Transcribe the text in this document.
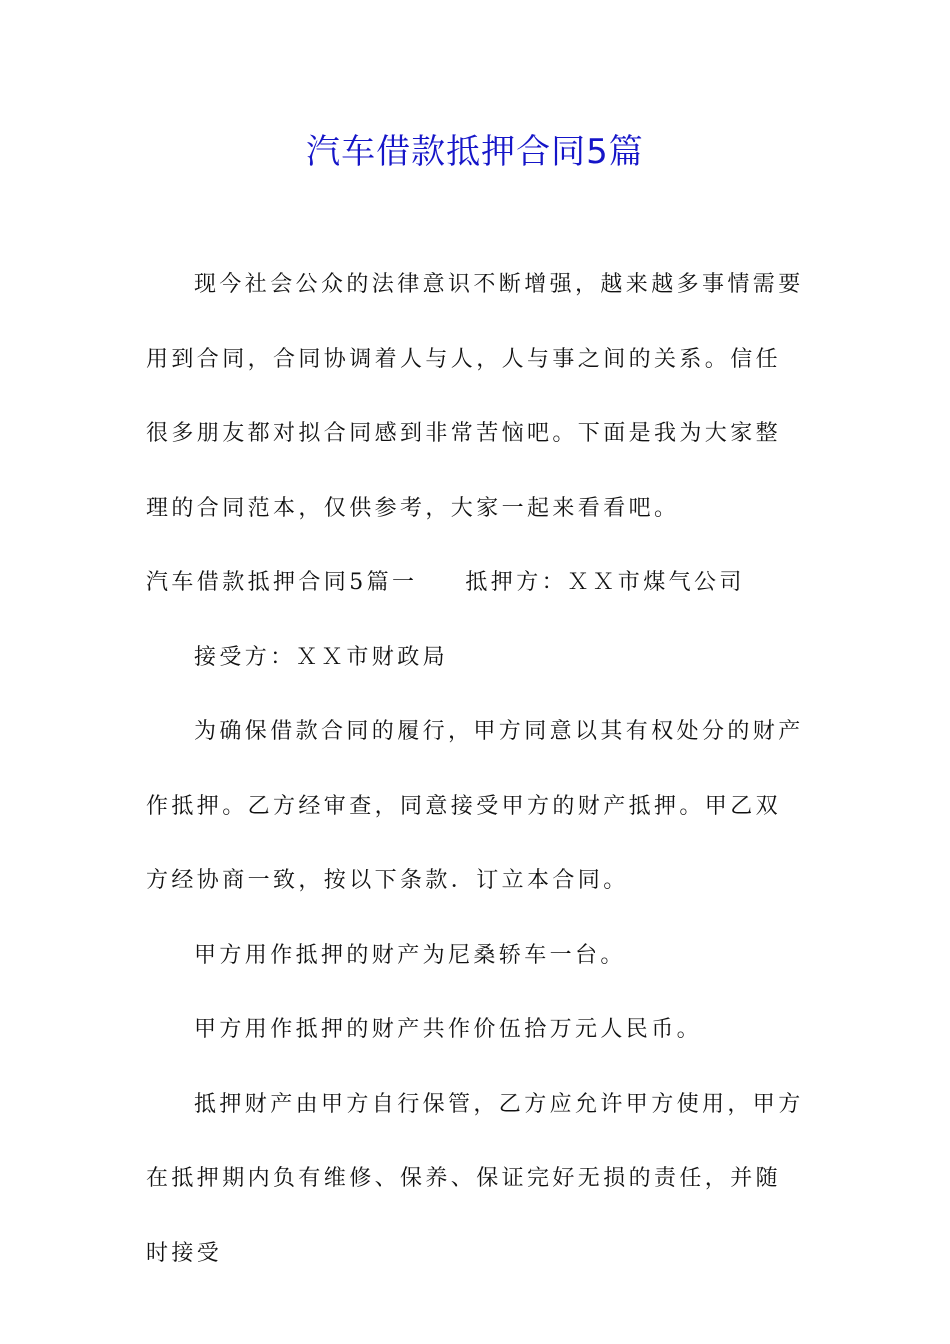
汽车借款抵押合同5篇

现今社会公众的法律意识不断增强，越来越多事情需要用到合同，合同协调着人与人，人与事之间的关系。信任很多朋友都对拟合同感到非常苦恼吧。下面是我为大家整理的合同范本，仅供参考，大家一起来看看吧。

汽车借款抵押合同5篇一 抵押方：ＸＸ市煤气公司

接受方：ＸＸ市财政局

为确保借款合同的履行，甲方同意以其有权处分的财产作抵押。乙方经审查，同意接受甲方的财产抵押。甲乙双方经协商一致，按以下条款．订立本合同。

甲方用作抵押的财产为尼桑轿车一台。

甲方用作抵押的财产共作价伍拾万元人民币。

抵押财产由甲方自行保管，乙方应允许甲方使用，甲方在抵押期内负有维修、保养、保证完好无损的责任，并随时接受
